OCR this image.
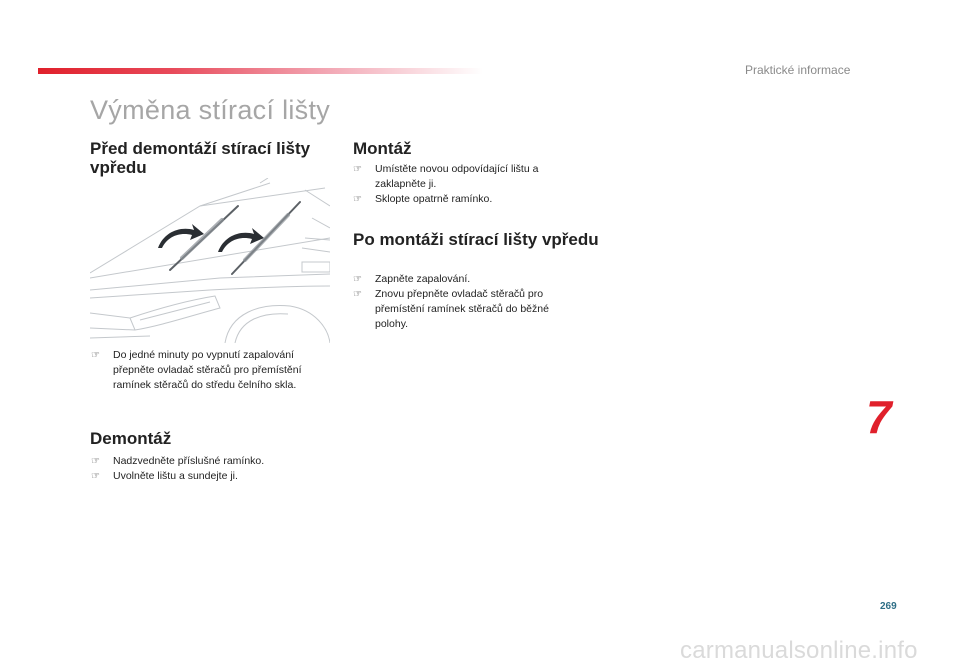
Praktické informace
Výměna stírací lišty
Před demontáží stírací lišty vpředu
☞ Do jedné minuty po vypnutí zapalování přepněte ovladač stěračů pro přemístění ramínek stěračů do středu čelního skla.
Demontáž
☞ Nadzvedněte příslušné ramínko.
☞ Uvolněte lištu a sundejte ji.
Montáž
☞ Umístěte novou odpovídající lištu a zaklapněte ji.
☞ Sklopte opatrně ramínko.
Po montáži stírací lišty vpředu
☞ Zapněte zapalování.
☞ Znovu přepněte ovladač stěračů pro přemístění ramínek stěračů do běžné polohy.
7
269
carmanualsonline.info
